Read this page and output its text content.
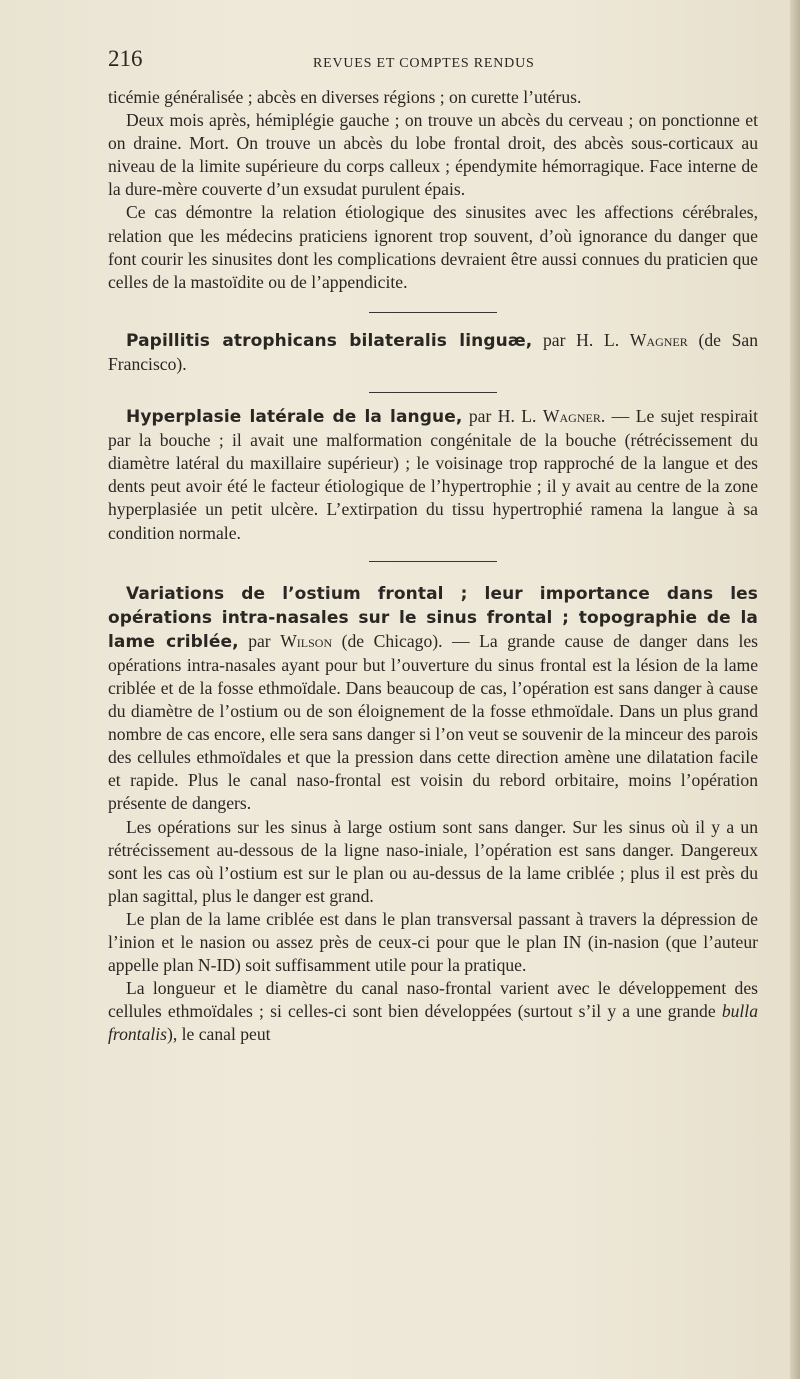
216	REVUES ET COMPTES RENDUS

ticémie généralisée ; abcès en diverses régions ; on curette l’utérus.

Deux mois après, hémiplégie gauche ; on trouve un abcès du cerveau ; on ponctionne et on draine. Mort. On trouve un abcès du lobe frontal droit, des abcès sous-corticaux au niveau de la limite supérieure du corps calleux ; épendymite hémorragique. Face interne de la dure-mère couverte d’un exsudat purulent épais.

Ce cas démontre la relation étiologique des sinusites avec les affections cérébrales, relation que les médecins praticiens ignorent trop souvent, d’où ignorance du danger que font courir les sinusites dont les complications devraient être aussi connues du praticien que celles de la mastoïdite ou de l’appendicite.

Papillitis atrophicans bilateralis linguæ, par H. L. Wagner (de San Francisco).

Hyperplasie latérale de la langue, par H. L. Wagner. — Le sujet respirait par la bouche ; il avait une malformation congénitale de la bouche (rétrécissement du diamètre latéral du maxillaire supérieur) ; le voisinage trop rapproché de la langue et des dents peut avoir été le facteur étiologique de l’hypertrophie ; il y avait au centre de la zone hyperplasiée un petit ulcère. L’extirpation du tissu hypertrophié ramena la langue à sa condition normale.

Variations de l’ostium frontal ; leur importance dans les opérations intra-nasales sur le sinus frontal ; topographie de la lame criblée, par Wilson (de Chicago). — La grande cause de danger dans les opérations intra-nasales ayant pour but l’ouverture du sinus frontal est la lésion de la lame criblée et de la fosse ethmoïdale. Dans beaucoup de cas, l’opération est sans danger à cause du diamètre de l’ostium ou de son éloignement de la fosse ethmoïdale. Dans un plus grand nombre de cas encore, elle sera sans danger si l’on veut se souvenir de la minceur des parois des cellules ethmoïdales et que la pression dans cette direction amène une dilatation facile et rapide. Plus le canal naso-frontal est voisin du rebord orbitaire, moins l’opération présente de dangers.

Les opérations sur les sinus à large ostium sont sans danger. Sur les sinus où il y a un rétrécissement au-dessous de la ligne naso-iniale, l’opération est sans danger. Dangereux sont les cas où l’ostium est sur le plan ou au-dessus de la lame criblée ; plus il est près du plan sagittal, plus le danger est grand.

Le plan de la lame criblée est dans le plan transversal passant à travers la dépression de l’inion et le nasion ou assez près de ceux-ci pour que le plan IN (in-nasion (que l’auteur appelle plan N-ID) soit suffisamment utile pour la pratique.

La longueur et le diamètre du canal naso-frontal varient avec le développement des cellules ethmoïdales ; si celles-ci sont bien développées (surtout s’il y a une grande bulla frontalis), le canal peut
